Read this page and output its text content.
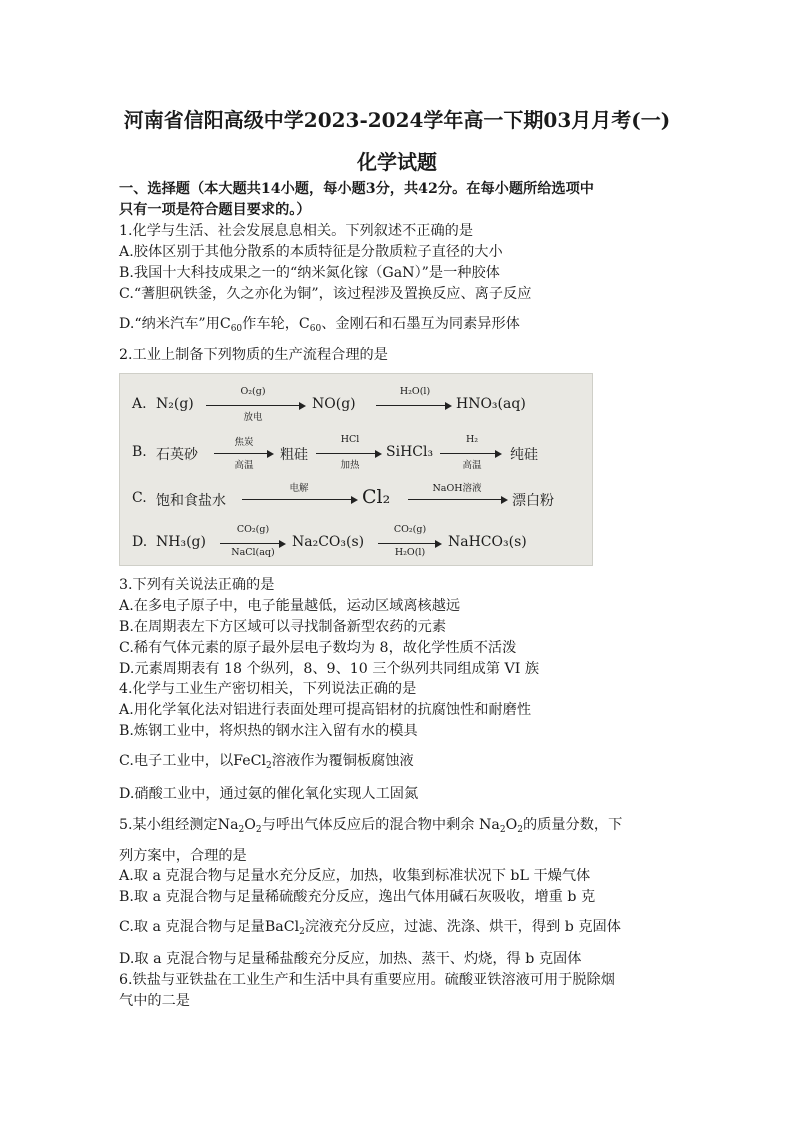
河南省信阳高级中学2023-2024学年高一下期03月月考(一)
化学试题
一、选择题（本大题共14小题，每小题3分，共42分。在每小题所给选项中
只有一项是符合题目要求的。）
1.化学与生活、社会发展息息相关。下列叙述不正确的是
A.胶体区别于其他分散系的本质特征是分散质粒子直径的大小
B.我国十大科技成果之一的“纳米氮化镓（GaN）”是一种胶体
C.“蓍胆矾铁釜，久之亦化为铜”，该过程涉及置换反应、离子反应
D.“纳米汽车”用$C_{60}$作车轮，$C_{60}$、金刚石和石墨互为同素异形体
2.工业上制备下列物质的生产流程合理的是
A. N₂(g)
O₂(g)
放电
NO(g)
H₂O(l)
HNO₃(aq)
B. 石英砂
焦炭
高温
粗硅
HCl
加热
SiHCl₃
H₂
高温
纯硅
C. 饱和食盐水
电解	Cl₂	NaOH溶液
漂白粉
D. NH₃(g)
CO₂(g)
NaCl(aq)
Na₂CO₃(s)
CO₂(g)
H₂O(l)
NaHCO₃(s)
3.下列有关说法正确的是
A.在多电子原子中，电子能量越低，运动区域离核越远
B.在周期表左下方区域可以寻找制备新型农药的元素
C.稀有气体元素的原子最外层电子数均为 8，故化学性质不活泼
D.元素周期表有 18 个纵列，8、9、10 三个纵列共同组成第 VI 族
4.化学与工业生产密切相关，下列说法正确的是
A.用化学氧化法对铝进行表面处理可提高铝材的抗腐蚀性和耐磨性
B.炼钢工业中，将炽热的钢水注入留有水的模具
C.电子工业中，以FeCl$_2$溶液作为覆铜板腐蚀液
D.硝酸工业中，通过氨的催化氧化实现人工固氮
5.某小组经测定$Na_2O_2$与呼出气体反应后的混合物中剩余 $Na_2O_2$的质量分数，下
列方案中，合理的是
A.取 a 克混合物与足量水充分反应，加热，收集到标准状况下 bL 干燥气体
B.取 a 克混合物与足量稀硫酸充分反应，逸出气体用碱石灰吸收，增重 b 克
C.取 a 克混合物与足量BaCl$_2$浣液充分反应，过滤、洗涤、烘干，得到 b 克固体
D.取 a 克混合物与足量稀盐酸充分反应，加热、蒸干、灼烧，得 b 克固体
6.铁盐与亚铁盐在工业生产和生活中具有重要应用。硫酸亚铁溶液可用于脱除烟
气中的二是
